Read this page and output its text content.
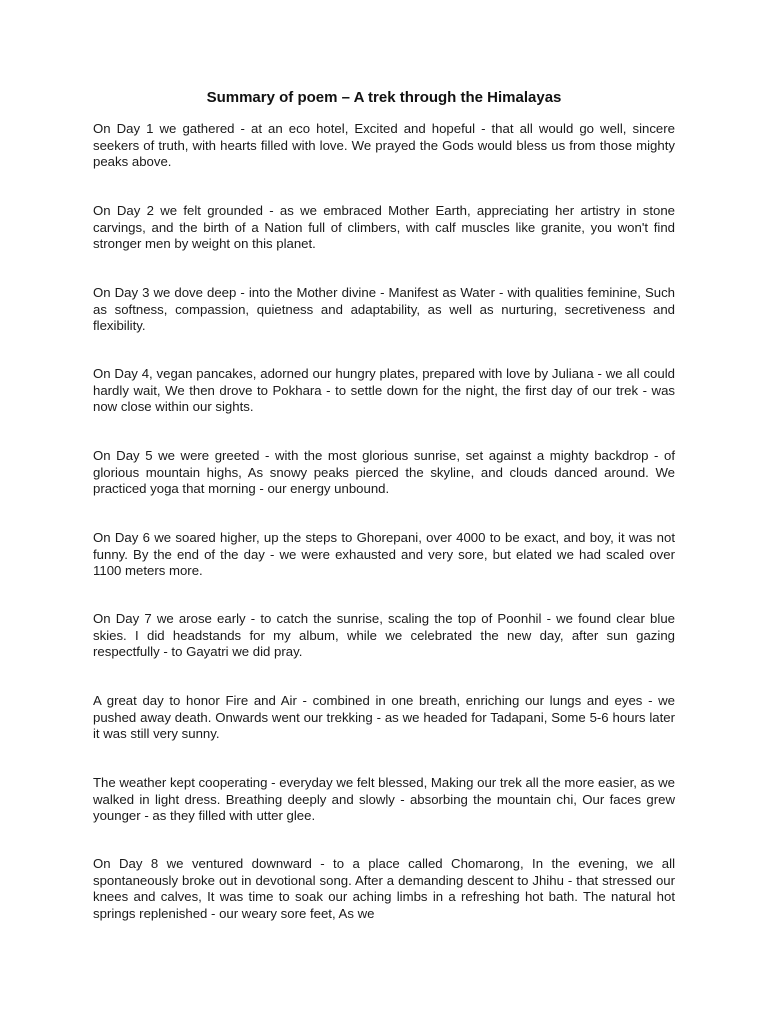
Summary of poem – A trek through the Himalayas

On Day 1 we gathered - at an eco hotel, Excited and hopeful - that all would go well, sincere seekers of truth, with hearts filled with love. We prayed the Gods would bless us from those mighty peaks above.

On Day 2 we felt grounded - as we embraced Mother Earth, appreciating her artistry in stone carvings, and the birth of a Nation full of climbers, with calf muscles like granite, you won't find stronger men by weight on this planet.

On Day 3 we dove deep - into the Mother divine - Manifest as Water - with qualities feminine, Such as softness, compassion, quietness and adaptability, as well as nurturing, secretiveness and flexibility.

On Day 4, vegan pancakes, adorned our hungry plates, prepared with love by Juliana - we all could hardly wait, We then drove to Pokhara - to settle down for the night, the first day of our trek - was now close within our sights.

On Day 5 we were greeted - with the most glorious sunrise, set against a mighty backdrop - of glorious mountain highs, As snowy peaks pierced the skyline, and clouds danced around. We practiced yoga that morning - our energy unbound.

On Day 6 we soared higher, up the steps to Ghorepani, over 4000 to be exact, and boy, it was not funny. By the end of the day - we were exhausted and very sore, but elated we had scaled over 1100 meters more.

On Day 7 we arose early - to catch the sunrise, scaling the top of Poonhil - we found clear blue skies. I did headstands for my album, while we celebrated the new day, after sun gazing respectfully - to Gayatri we did pray.

A great day to honor Fire and Air - combined in one breath, enriching our lungs and eyes - we pushed away death. Onwards went our trekking - as we headed for Tadapani, Some 5-6 hours later it was still very sunny.

The weather kept cooperating - everyday we felt blessed, Making our trek all the more easier, as we walked in light dress. Breathing deeply and slowly - absorbing the mountain chi, Our faces grew younger - as they filled with utter glee.

On Day 8 we ventured downward - to a place called Chomarong, In the evening, we all spontaneously broke out in devotional song. After a demanding descent to Jhihu - that stressed our knees and calves, It was time to soak our aching limbs in a refreshing hot bath. The natural hot springs replenished - our weary sore feet, As we
